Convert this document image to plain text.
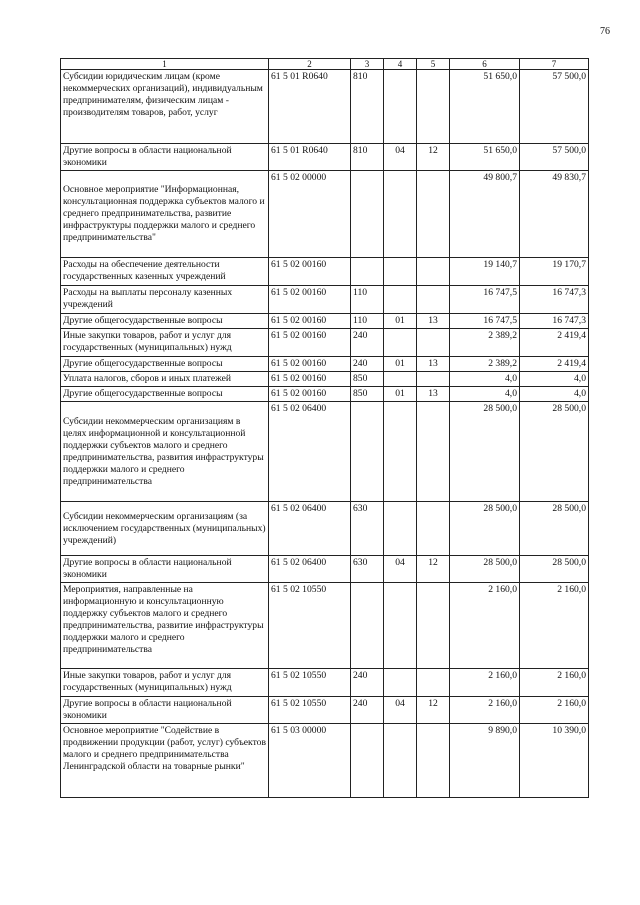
76
1	2	3	4	5	6	7
Субсидии юридическим лицам (кроме некоммерческих организаций), индивидуальным предпринимателям, физическим лицам - производителям товаров, работ, услуг	61 5 01 R0640	810			51 650,0	57 500,0
Другие вопросы в области национальной экономики	61 5 01 R0640	810	04	12	51 650,0	57 500,0
Основное мероприятие "Информационная, консультационная поддержка субъектов малого и среднего предпринимательства, развитие инфраструктуры поддержки малого и среднего предпринимательства"	61 5 02 00000				49 800,7	49 830,7
Расходы на обеспечение деятельности государственных казенных учреждений	61 5 02 00160				19 140,7	19 170,7
Расходы на выплаты персоналу казенных учреждений	61 5 02 00160	110			16 747,5	16 747,3
Другие общегосударственные вопросы	61 5 02 00160	110	01	13	16 747,5	16 747,3
Иные закупки товаров, работ и услуг для государственных (муниципальных) нужд	61 5 02 00160	240			2 389,2	2 419,4
Другие общегосударственные вопросы	61 5 02 00160	240	01	13	2 389,2	2 419,4
Уплата налогов, сборов и иных платежей	61 5 02 00160	850			4,0	4,0
Другие общегосударственные вопросы	61 5 02 00160	850	01	13	4,0	4,0
Субсидии некоммерческим организациям в целях информационной и консультационной поддержки субъектов малого и среднего предпринимательства, развития инфраструктуры поддержки малого и среднего предпринимательства	61 5 02 06400				28 500,0	28 500,0
Субсидии некоммерческим организациям (за исключением государственных (муниципальных) учреждений)	61 5 02 06400	630			28 500,0	28 500,0
Другие вопросы в области национальной экономики	61 5 02 06400	630	04	12	28 500,0	28 500,0
Мероприятия, направленные на информационную и консультационную поддержку субъектов малого и среднего предпринимательства, развитие инфраструктуры поддержки малого и среднего предпринимательства	61 5 02 10550				2 160,0	2 160,0
Иные закупки товаров, работ и услуг для государственных (муниципальных) нужд	61 5 02 10550	240			2 160,0	2 160,0
Другие вопросы в области национальной экономики	61 5 02 10550	240	04	12	2 160,0	2 160,0
Основное мероприятие "Содействие в продвижении продукции (работ, услуг) субъектов малого и среднего предпринимательства Ленинградской области на товарные рынки"	61 5 03 00000				9 890,0	10 390,0
